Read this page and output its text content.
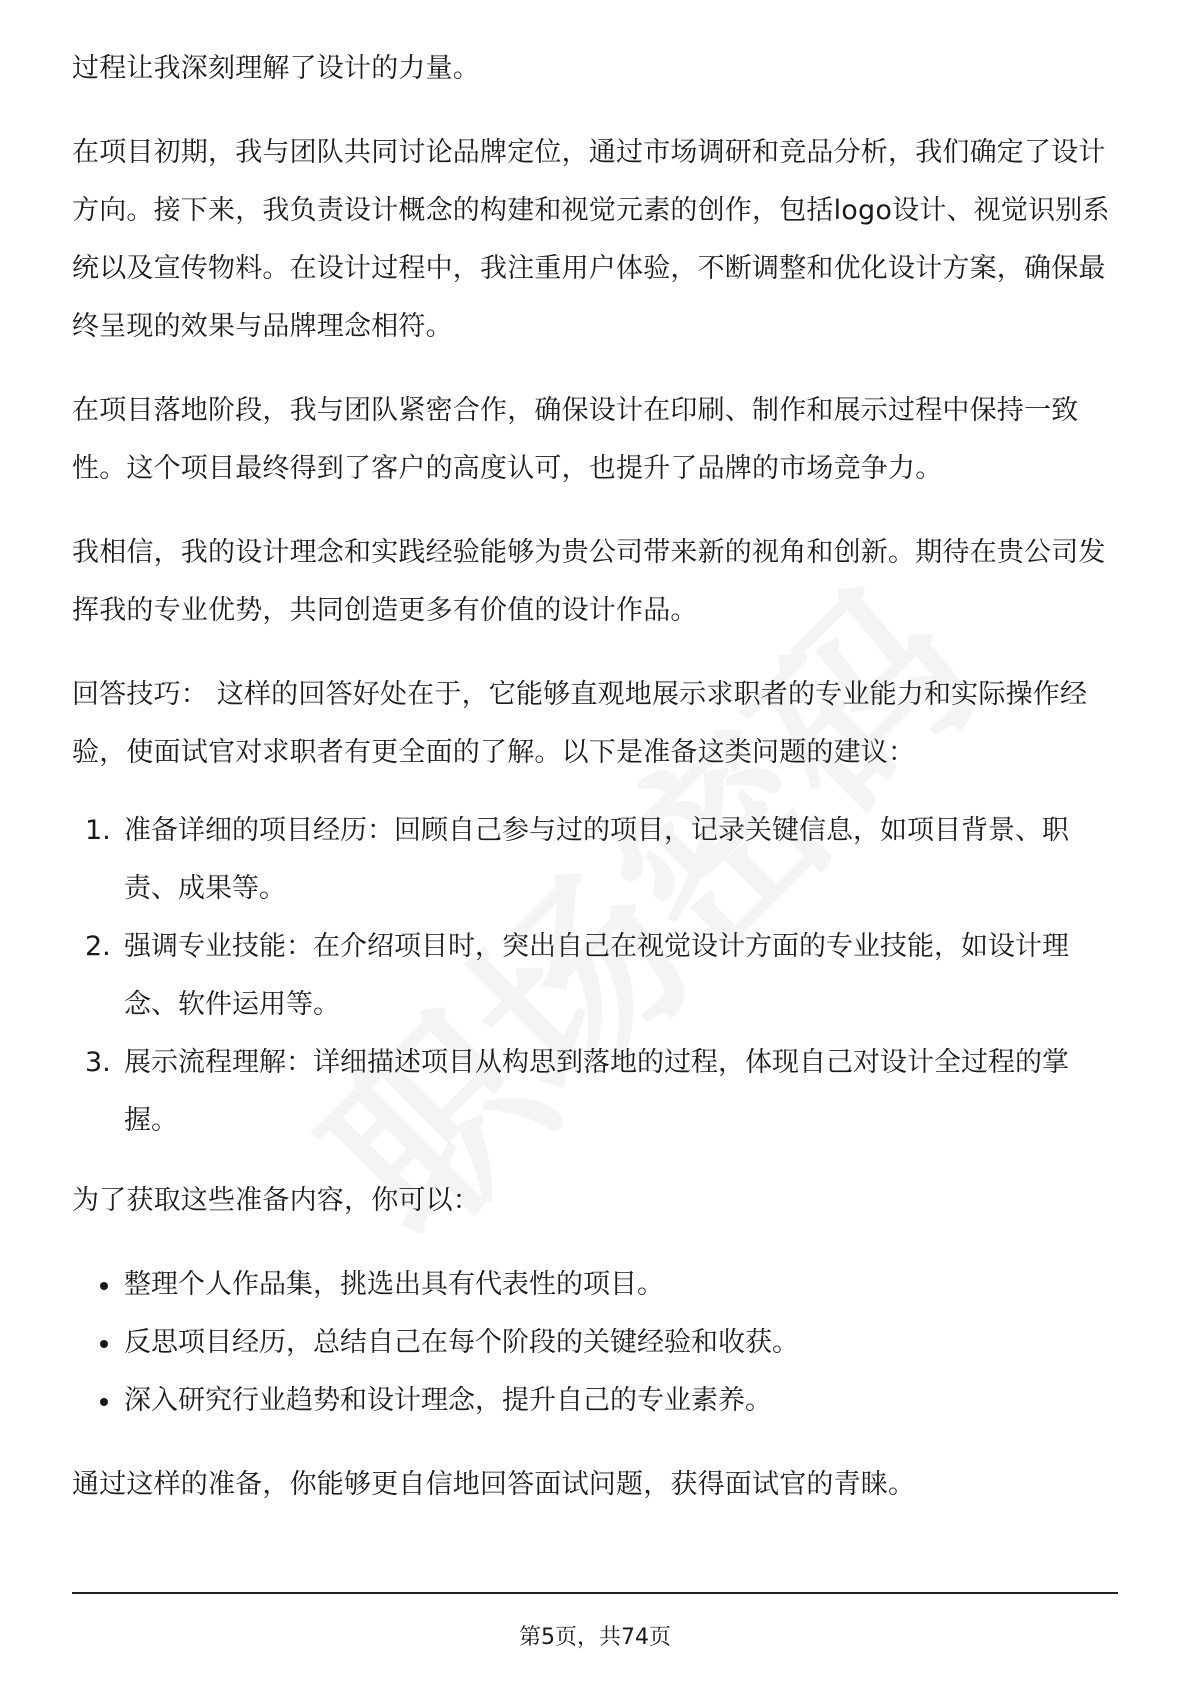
过程让我深刻理解了设计的力量。

在项目初期，我与团队共同讨论品牌定位，通过市场调研和竞品分析，我们确定了设计方向。接下来，我负责设计概念的构建和视觉元素的创作，包括logo设计、视觉识别系统以及宣传物料。在设计过程中，我注重用户体验，不断调整和优化设计方案，确保最终呈现的效果与品牌理念相符。

在项目落地阶段，我与团队紧密合作，确保设计在印刷、制作和展示过程中保持一致性。这个项目最终得到了客户的高度认可，也提升了品牌的市场竞争力。

我相信，我的设计理念和实践经验能够为贵公司带来新的视角和创新。期待在贵公司发挥我的专业优势，共同创造更多有价值的设计作品。

回答技巧： 这样的回答好处在于，它能够直观地展示求职者的专业能力和实际操作经验，使面试官对求职者有更全面的了解。以下是准备这类问题的建议：

1. 准备详细的项目经历：回顾自己参与过的项目，记录关键信息，如项目背景、职责、成果等。
2. 强调专业技能：在介绍项目时，突出自己在视觉设计方面的专业技能，如设计理念、软件运用等。
3. 展示流程理解：详细描述项目从构思到落地的过程，体现自己对设计全过程的掌握。

为了获取这些准备内容，你可以：

整理个人作品集，挑选出具有代表性的项目。
反思项目经历，总结自己在每个阶段的关键经验和收获。
深入研究行业趋势和设计理念，提升自己的专业素养。

通过这样的准备，你能够更自信地回答面试问题，获得面试官的青睐。

第5页，共74页
